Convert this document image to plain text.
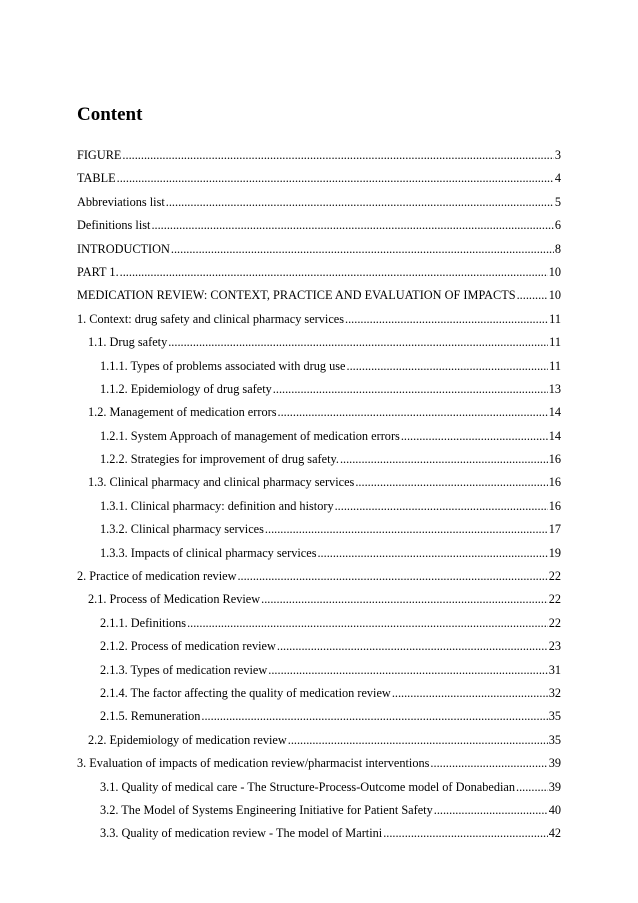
Content
FIGURE .....	3
TABLE .....	4
Abbreviations list .....	5
Definitions list .....	6
INTRODUCTION .....	8
PART 1. .....	10
MEDICATION REVIEW: CONTEXT, PRACTICE AND EVALUATION OF IMPACTS .....	10
1. Context: drug safety and clinical pharmacy services .....	11
1.1. Drug safety .....	11
1.1.1. Types of problems associated with drug use .....	11
1.1.2. Epidemiology of drug safety .....	13
1.2. Management of medication errors .....	14
1.2.1. System Approach of management of medication errors .....	14
1.2.2. Strategies for improvement of drug safety. .....	16
1.3. Clinical pharmacy and clinical pharmacy services .....	16
1.3.1. Clinical pharmacy: definition and history .....	16
1.3.2. Clinical pharmacy services .....	17
1.3.3. Impacts of clinical pharmacy services .....	19
2. Practice of medication review .....	22
2.1. Process of Medication Review .....	22
2.1.1. Definitions .....	22
2.1.2. Process of medication review .....	23
2.1.3. Types of medication review .....	31
2.1.4. The factor affecting the quality of medication review .....	32
2.1.5. Remuneration .....	35
2.2. Epidemiology of medication review .....	35
3. Evaluation of impacts of medication review/pharmacist interventions .....	39
3.1. Quality of medical care - The Structure-Process-Outcome model of Donabedian .....	39
3.2. The Model of Systems Engineering Initiative for Patient Safety .....	40
3.3. Quality of medication review - The model of Martini .....	42
